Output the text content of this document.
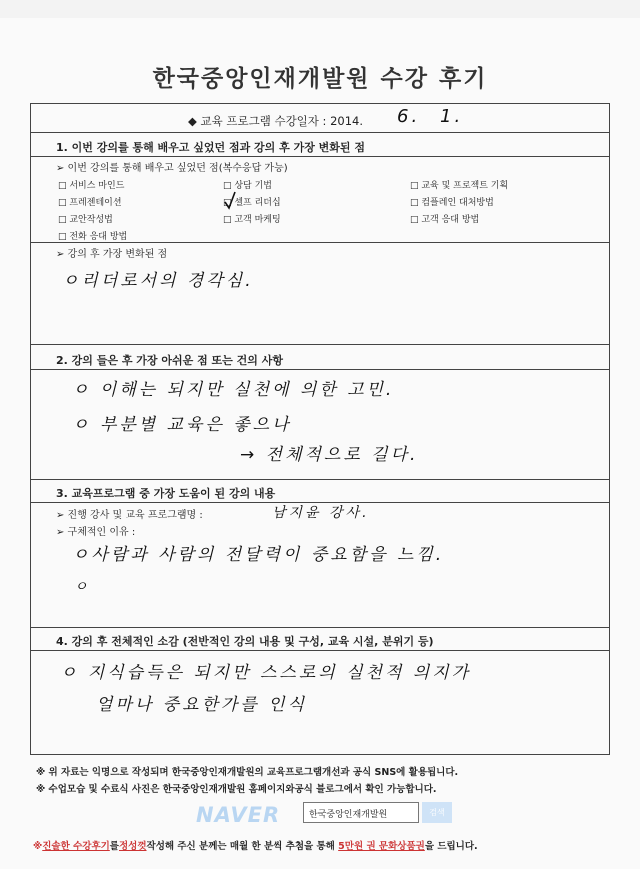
한국중앙인재개발원 수강 후기
◆ 교육 프로그램 수강일자 : 2014. 6. 1.
1. 이번 강의를 통해 배우고 싶었던 점과 강의 후 가장 변화된 점
➢ 이번 강의를 통해 배우고 싶었던 점(복수응답 가능)
□ 서비스 마인드	□ 상담 기법	□ 교육 및 프로젝트 기획
□ 프레젠테이션	□ 셀프 리더십	□ 컴플레인 대처방법
□ 교안작성법	□ 고객 마케팅	□ 고객 응대 방법
□ 전화 응대 방법
➢ 강의 후 가장 변화된 점
ㅇ리더로서의 경각심.
2. 강의 들은 후 가장 아쉬운 점 또는 건의 사항
ㅇ 이해는 되지만 실천에 의한 고민.
ㅇ 부분별 교육은 좋으나
→ 전체적으로 길다.
3. 교육프로그램 중 가장 도움이 된 강의 내용
➢ 진행 강사 및 교육 프로그램명 :	남지윤 강사.
➢ 구체적인 이유 :
ㅇ사람과 사람의 전달력이 중요함을 느낌.
ㅇ
4. 강의 후 전체적인 소감 (전반적인 강의 내용 및 구성, 교육 시설, 분위기 등)
ㅇ 지식습득은 되지만 스스로의 실천적 의지가
얼마나 중요한가를 인식
※ 위 자료는 익명으로 작성되며 한국중앙인재개발원의 교육프로그램개선과 공식 SNS에 활용됩니다.
※ 수업모습 및 수료식 사진은 한국중앙인재개발원 홈페이지와공식 블로그에서 확인 가능합니다.
NAVER	한국중앙인재개발원	검색
※진솔한 수강후기를정성껏작성해 주신 분께는 매월 한 분씩 추첨을 통해 5만원 권 문화상품권을 드립니다.
